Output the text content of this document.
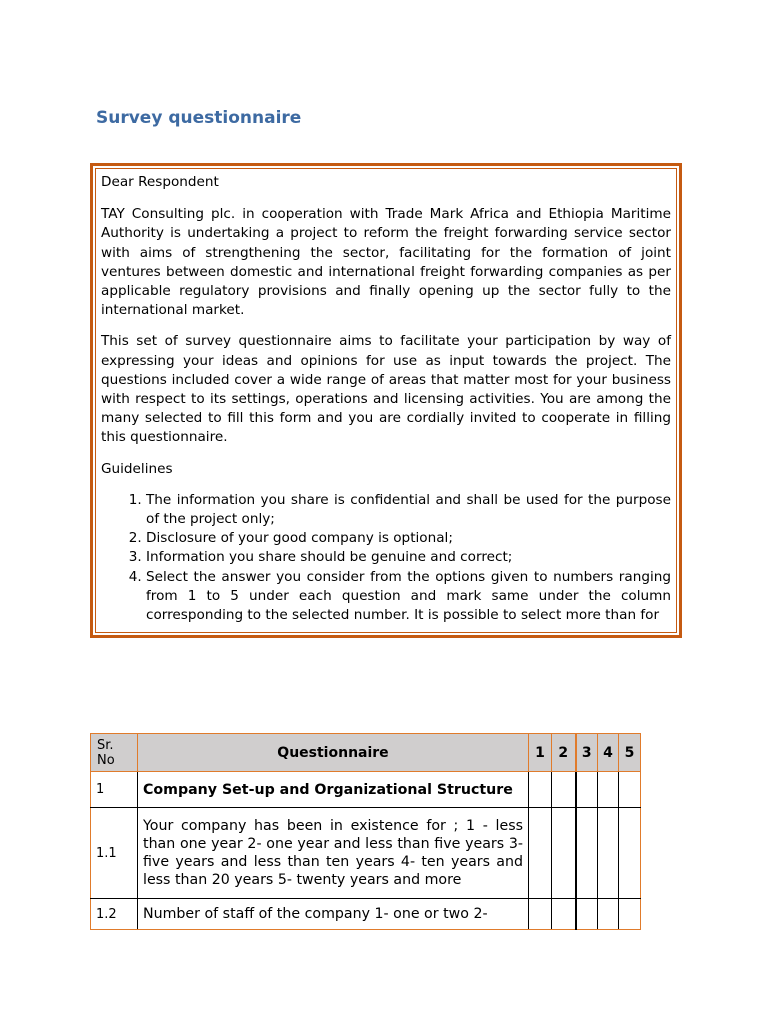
Survey questionnaire

Dear Respondent

TAY Consulting plc. in cooperation with Trade Mark Africa and Ethiopia Maritime Authority is undertaking a project to reform the freight forwarding service sector with aims of strengthening the sector, facilitating for the formation of joint ventures between domestic and international freight forwarding companies as per applicable regulatory provisions and finally opening up the sector fully to the international market.

This set of survey questionnaire aims to facilitate your participation by way of expressing your ideas and opinions for use as input towards the project. The questions included cover a wide range of areas that matter most for your business with respect to its settings, operations and licensing activities. You are among the many selected to fill this form and you are cordially invited to cooperate in filling this questionnaire.

Guidelines

1. The information you share is confidential and shall be used for the purpose of the project only;
2. Disclosure of your good company is optional;
3. Information you share should be genuine and correct;
4. Select the answer you consider from the options given to numbers ranging from 1 to 5 under each question and mark same under the column corresponding to the selected number. It is possible to select more than for
Sr. No	Questionnaire	1	2	3	4	5
1	Company Set-up and Organizational Structure					
1.1	Your company has been in existence for ; 1 - less than one year 2- one year and less than five years 3- five years and less than ten years 4- ten years and less than 20 years 5- twenty years and more					
1.2	Number of staff of the company 1- one or two 2-					
